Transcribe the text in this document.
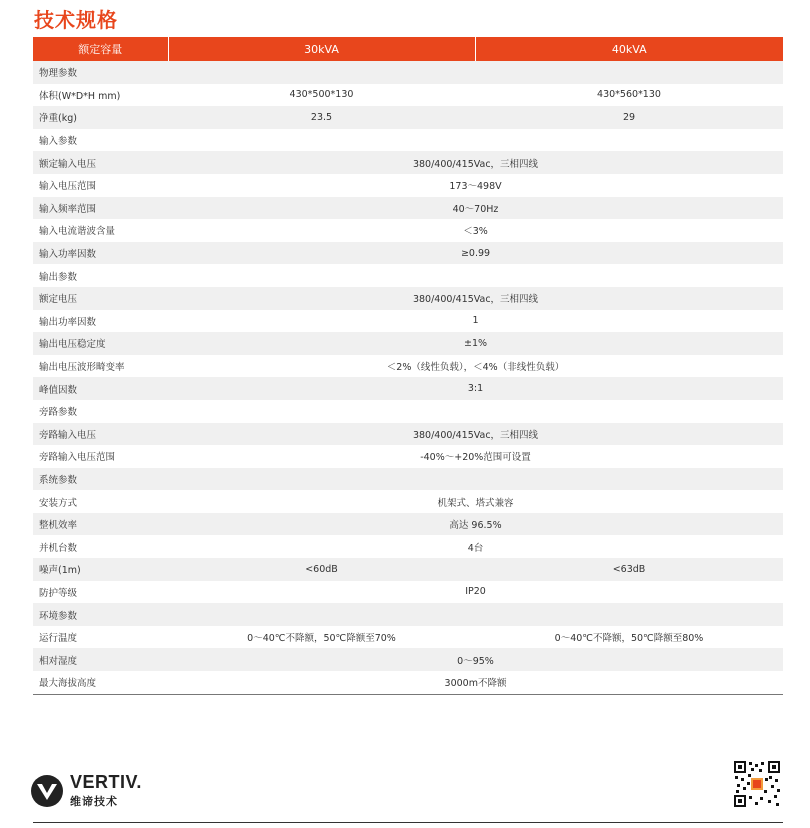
技术规格
额定容量	30kVA	40kVA
物理参数		
体积(W*D*H mm)	430*500*130	430*560*130
净重(kg)	23.5	29
输入参数		
额定输入电压	380/400/415Vac，三相四线	
输入电压范围	173～498V	
输入频率范围	40～70Hz	
输入电流谐波含量	＜3%	
输入功率因数	≥0.99	
输出参数		
额定电压	380/400/415Vac，三相四线	
输出功率因数	1	
输出电压稳定度	±1%	
输出电压波形畸变率	＜2%（线性负载），＜4%（非线性负载）	
峰值因数	3:1	
旁路参数		
旁路输入电压	380/400/415Vac，三相四线	
旁路输入电压范围	-40%～+20%范围可设置	
系统参数		
安装方式	机架式、塔式兼容	
整机效率	高达 96.5%	
并机台数	4台	
噪声(1m)	<60dB	<63dB
防护等级	IP20	
环境参数		
运行温度	0～40℃不降额，50℃降额至70%	0～40℃不降额，50℃降额至80%
相对湿度	0～95%	
最大海拔高度	3000m不降额	
VERTIV.
维谛技术
